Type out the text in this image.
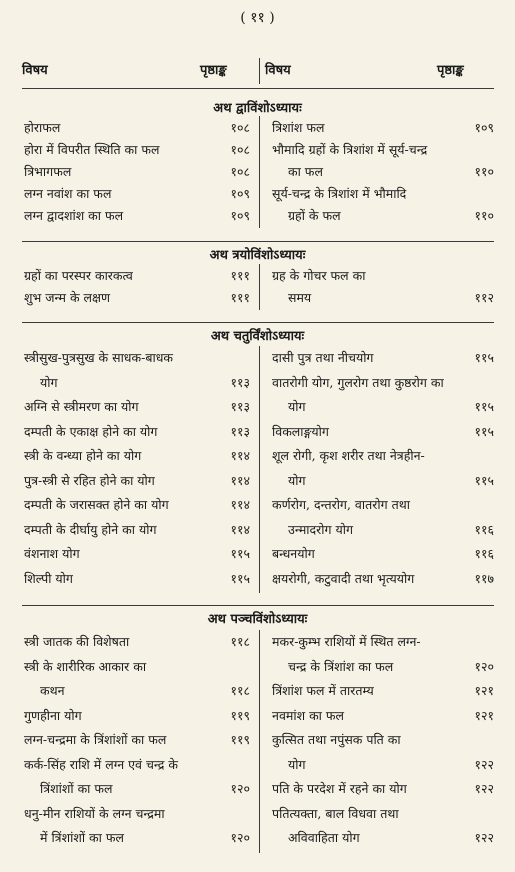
( ११ )
विषय	पृष्ठाङ्क	विषय	पृष्ठाङ्क
अथ द्वाविंशोऽध्यायः
होराफल	१०८
होरा में विपरीत स्थिति का फल	१०८
त्रिभागफल	१०८
लग्न नवांश का फल	१०९
लग्न द्वादशांश का फल	१०९
त्रिशांश फल	१०९
भौमादि ग्रहों के त्रिशांश में सूर्य-चन्द्र
का फल	११०
सूर्य-चन्द्र के त्रिशांश में भौमादि
ग्रहों के फल	११०
अथ त्रयोविंशोऽध्यायः
ग्रहों का परस्पर कारकत्व	१११
शुभ जन्म के लक्षण	१११
ग्रह के गोचर फल का
समय	११२
अथ चतुर्विंशोऽध्यायः
स्त्रीसुख-पुत्रसुख के साधक-बाधक
योग	११३
अग्नि से स्त्रीमरण का योग	११३
दम्पती के एकाक्ष होने का योग	११३
स्त्री के वन्ध्या होने का योग	११४
पुत्र-स्त्री से रहित होने का योग	११४
दम्पती के जरासक्त होने का योग	११४
दम्पती के दीर्घायु होने का योग	११४
वंशनाश योग	११५
शिल्पी योग	११५
दासी पुत्र तथा नीचयोग	११५
वातरोगी योग, गुलरोग तथा कुष्ठरोग का
योग	११५
विकलाङ्गयोग	११५
शूल रोगी, कृश शरीर तथा नेत्रहीन-
योग	११५
कर्णरोग, दन्तरोग, वातरोग तथा
उन्मादरोग योग	११६
बन्धनयोग	११६
क्षयरोगी, कटुवादी तथा भृत्ययोग	११७
अथ पञ्चविंशोऽध्यायः
स्त्री जातक की विशेषता	११८
स्त्री के शारीरिक आकार का
कथन	११८
गुणहीना योग	११९
लग्न-चन्द्रमा के त्रिंशांशों का फल	११९
कर्क-सिंह राशि में लग्न एवं चन्द्र के
त्रिंशांशों का फल	१२०
धनु-मीन राशियों के लग्न चन्द्रमा
में त्रिंशांशों का फल	१२०
मकर-कुम्भ राशियों में स्थित लग्न-
चन्द्र के त्रिंशांश का फल	१२०
त्रिंशांश फल में तारतम्य	१२१
नवमांश का फल	१२१
कुत्सित तथा नपुंसक पति का
योग	१२२
पति के परदेश में रहने का योग	१२२
पतित्यक्ता, बाल विधवा तथा
अविवाहिता योग	१२२
